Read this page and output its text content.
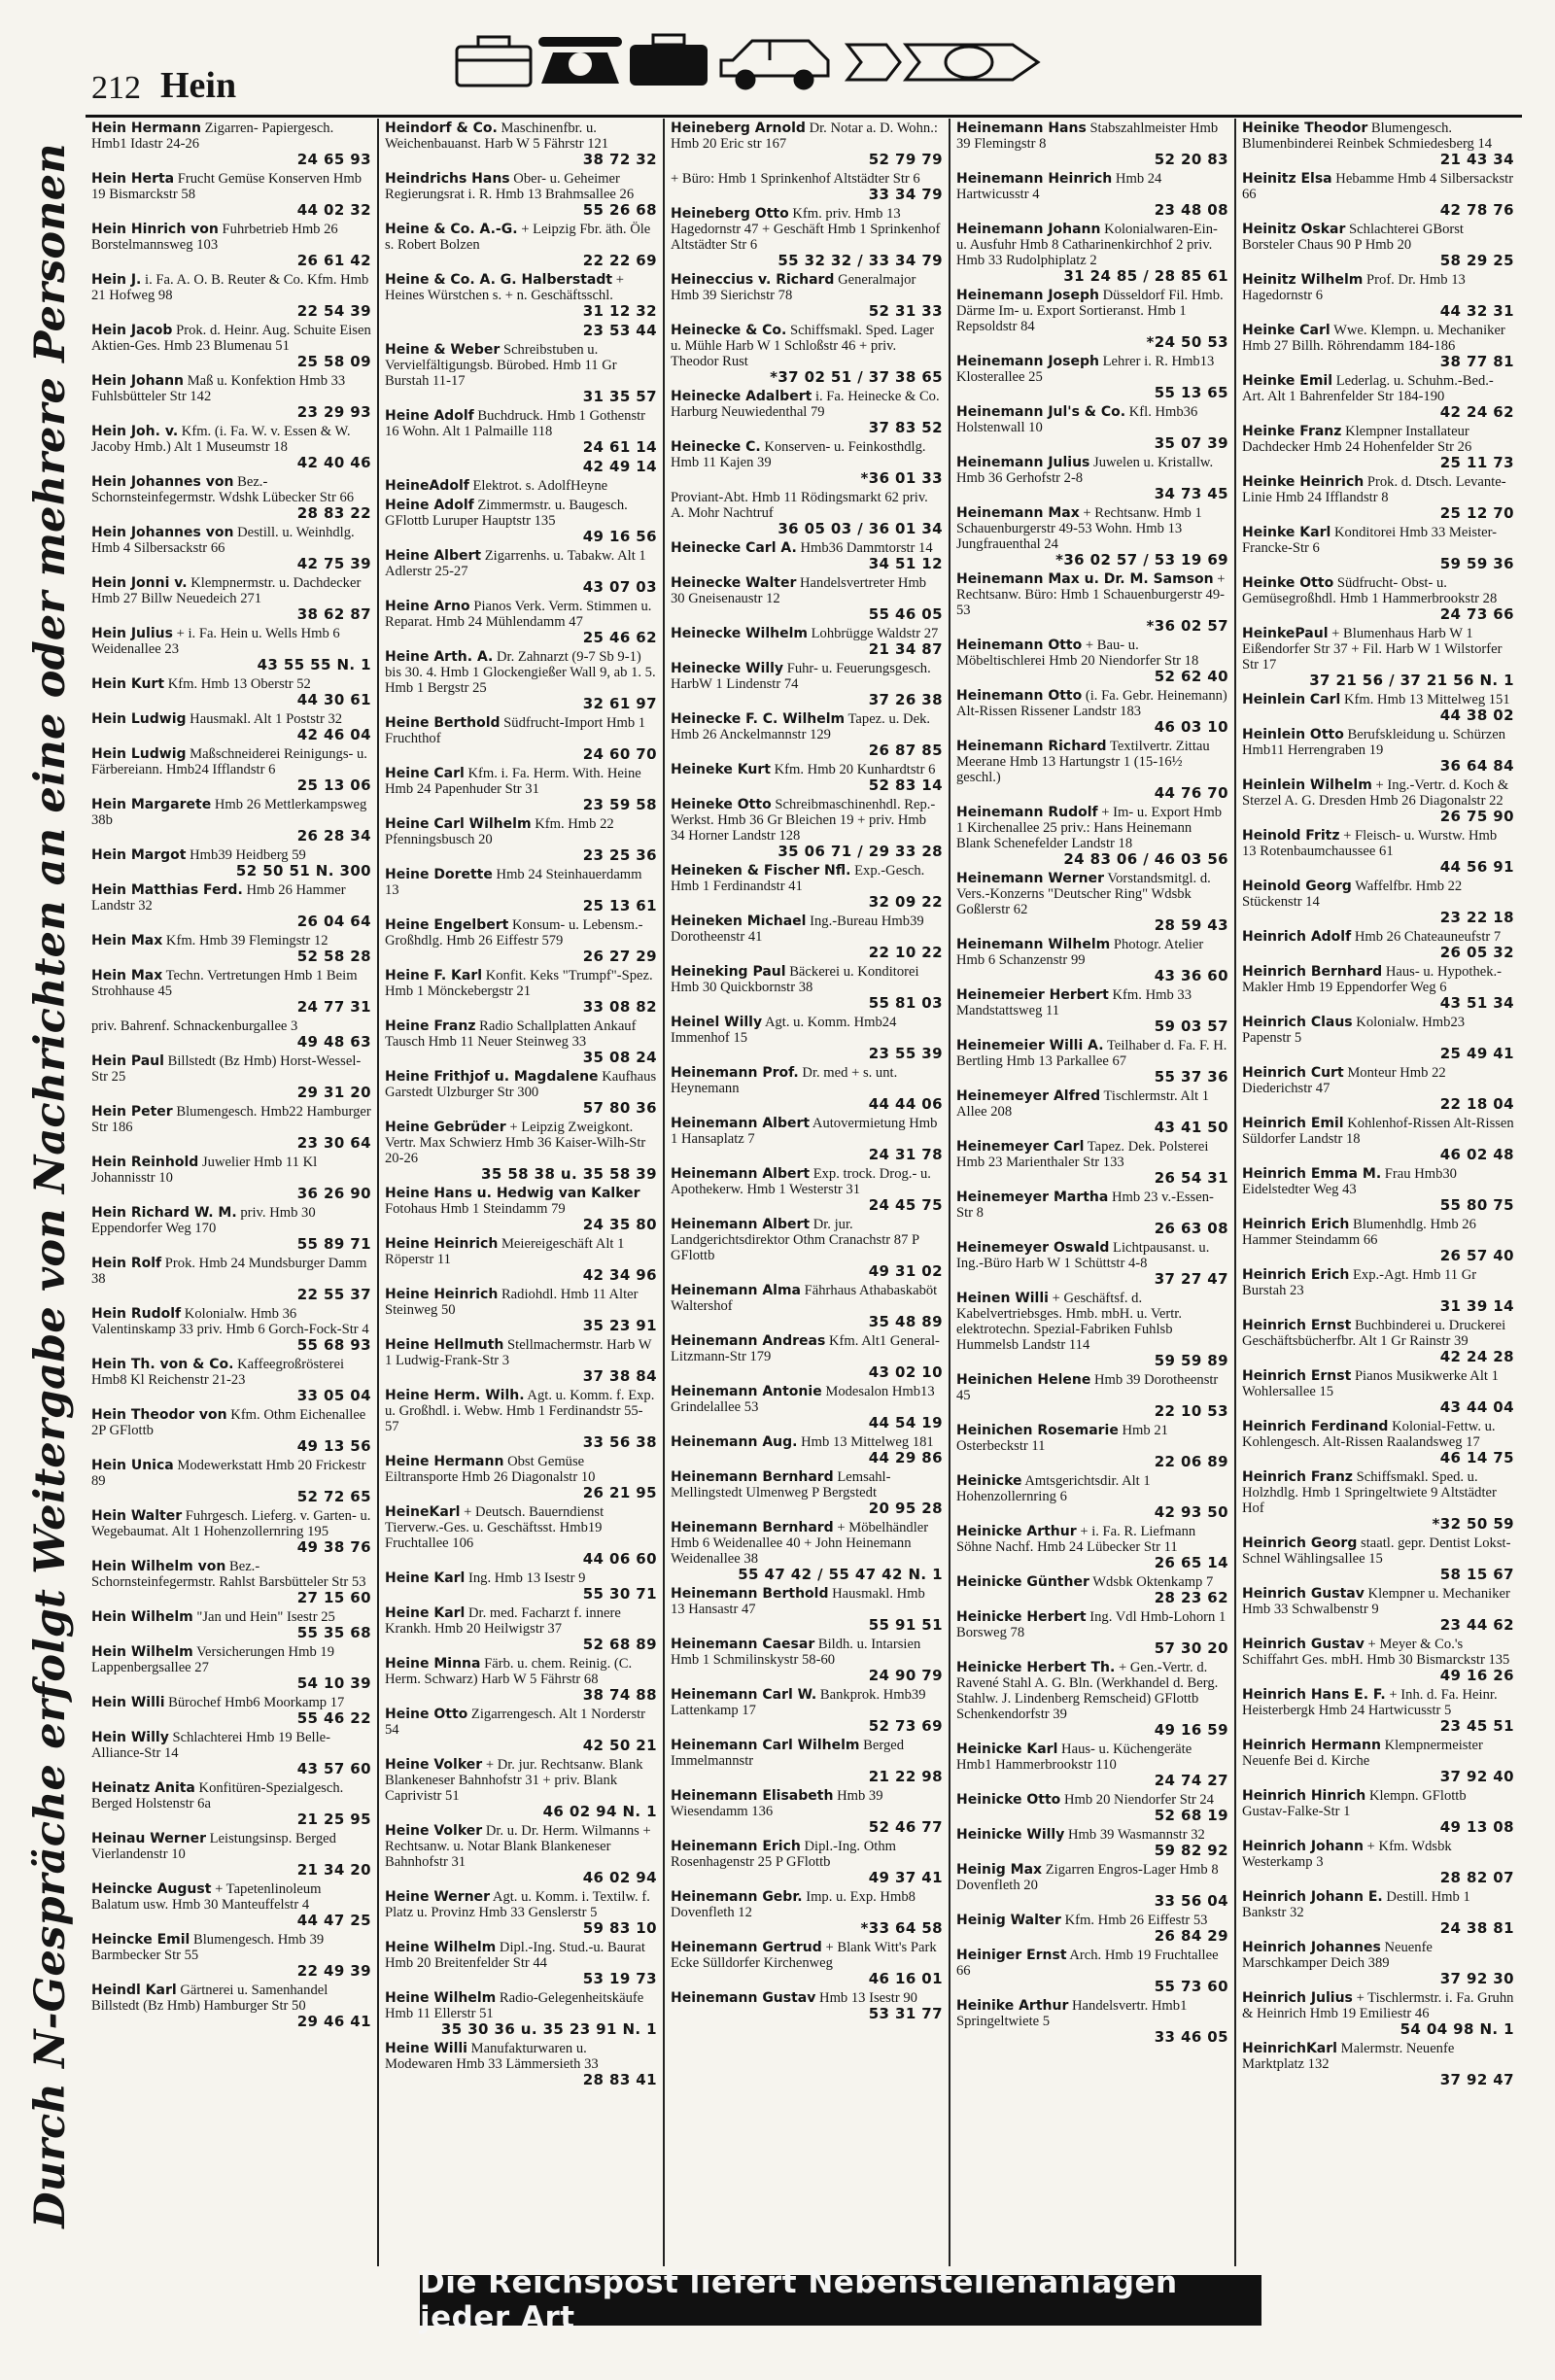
212 Hein
Durch N-Gespräche erfolgt Weitergabe von Nachrichten an eine oder mehrere Personen
Hein Hermann Zigarren- Papiergesch. Hmb1 Idastr 24-26
24 65 93
Hein Herta Frucht Gemüse Konserven Hmb 19 Bismarckstr 58
44 02 32
Hein Hinrich von Fuhrbetrieb Hmb 26 Borstelmannsweg 103
26 61 42
Hein J. i. Fa. A. O. B. Reuter & Co. Kfm. Hmb 21 Hofweg 98
22 54 39
Hein Jacob Prok. d. Heinr. Aug. Schuite Eisen Aktien-Ges. Hmb 23 Blumenau 51
25 58 09
Hein Johann Maß u. Konfektion Hmb 33 Fuhlsbütteler Str 142
23 29 93
Hein Joh. v. Kfm. (i. Fa. W. v. Essen & W. Jacoby Hmb.) Alt 1 Museumstr 18
42 40 46
Hein Johannes von Bez.-Schornsteinfegermstr. Wdshk Lübecker Str 66
28 83 22
Hein Johannes von Destill. u. Weinhdlg. Hmb 4 Silbersackstr 66
42 75 39
Hein Jonni v. Klempnermstr. u. Dachdecker Hmb 27 Billw Neuedeich 271
38 62 87
Hein Julius + i. Fa. Hein u. Wells Hmb 6 Weidenallee 23
43 55 55 N. 1
Hein Kurt Kfm. Hmb 13 Oberstr 52
44 30 61
Hein Ludwig Hausmakl. Alt 1 Poststr 32
42 46 04
Hein Ludwig Maßschneiderei Reinigungs- u. Färbereiann. Hmb24 Ifflandstr 6
25 13 06
Hein Margarete Hmb 26 Mettlerkampsweg 38b
26 28 34
Hein Margot Hmb39 Heidberg 59
52 50 51 N. 300
Hein Matthias Ferd. Hmb 26 Hammer Landstr 32
26 04 64
Hein Max Kfm. Hmb 39 Flemingstr 12
52 58 28
Hein Max Techn. Vertretungen Hmb 1 Beim Strohhause 45
24 77 31
priv. Bahrenf. Schnackenburgallee 3
49 48 63
Hein Paul Billstedt (Bz Hmb) Horst-Wessel-Str 25
29 31 20
Hein Peter Blumengesch. Hmb22 Hamburger Str 186
23 30 64
Hein Reinhold Juwelier Hmb 11 Kl Johannisstr 10
36 26 90
Hein Richard W. M. priv. Hmb 30 Eppendorfer Weg 170
55 89 71
Hein Rolf Prok. Hmb 24 Mundsburger Damm 38
22 55 37
Hein Rudolf Kolonialw. Hmb 36 Valentinskamp 33 priv. Hmb 6 Gorch-Fock-Str 4
55 68 93
Hein Th. von & Co. Kaffeegroßrösterei Hmb8 Kl Reichenstr 21-23
33 05 04
Hein Theodor von Kfm. Othm Eichenallee 2P GFlottb
49 13 56
Hein Unica Modewerkstatt Hmb 20 Frickestr 89
52 72 65
Hein Walter Fuhrgesch. Lieferg. v. Garten- u. Wegebaumat. Alt 1 Hohenzollernring 195
49 38 76
Hein Wilhelm von Bez.-Schornsteinfegermstr. Rahlst Barsbütteler Str 53
27 15 60
Hein Wilhelm "Jan und Hein" Isestr 25
55 35 68
Hein Wilhelm Versicherungen Hmb 19 Lappenbergsallee 27
54 10 39
Hein Willi Bürochef Hmb6 Moorkamp 17
55 46 22
Hein Willy Schlachterei Hmb 19 Belle-Alliance-Str 14
43 57 60
Heinatz Anita Konfitüren-Spezialgesch. Berged Holstenstr 6a
21 25 95
Heinau Werner Leistungsinsp. Berged Vierlandenstr 10
21 34 20
Heincke August + Tapetenlinoleum Balatum usw. Hmb 30 Manteuffelstr 4
44 47 25
Heincke Emil Blumengesch. Hmb 39 Barmbecker Str 55
22 49 39
Heindl Karl Gärtnerei u. Samenhandel Billstedt (Bz Hmb) Hamburger Str 50
29 46 41
Heindorf & Co. Maschinenfbr. u. Weichenbauanst. Harb W 5 Fährstr 121
38 72 32
Heindrichs Hans Ober- u. Geheimer Regierungsrat i. R. Hmb 13 Brahmsallee 26
55 26 68
Heine & Co. A.-G. + Leipzig Fbr. äth. Öle s. Robert Bolzen
22 22 69
Heine & Co. A. G. Halberstadt + Heines Würstchen s. + n. Geschäftsschl.
31 12 32
23 53 44
Heine & Weber Schreibstuben u. Vervielfältigungsb. Bürobed. Hmb 11 Gr Burstah 11-17
31 35 57
Heine Adolf Buchdruck. Hmb 1 Gothenstr 16 Wohn. Alt 1 Palmaille 118
24 61 14
42 49 14
HeineAdolf Elektrot. s. AdolfHeyne
Heine Adolf Zimmermstr. u. Baugesch. GFlottb Luruper Hauptstr 135
49 16 56
Heine Albert Zigarrenhs. u. Tabakw. Alt 1 Adlerstr 25-27
43 07 03
Heine Arno Pianos Verk. Verm. Stimmen u. Reparat. Hmb 24 Mühlendamm 47
25 46 62
Heine Arth. A. Dr. Zahnarzt (9-7 Sb 9-1) bis 30. 4. Hmb 1 Glockengießer Wall 9, ab 1. 5. Hmb 1 Bergstr 25
32 61 97
Heine Berthold Südfrucht-Import Hmb 1 Fruchthof
24 60 70
Heine Carl Kfm. i. Fa. Herm. With. Heine Hmb 24 Papenhuder Str 31
23 59 58
Heine Carl Wilhelm Kfm. Hmb 22 Pfenningsbusch 20
23 25 36
Heine Dorette Hmb 24 Steinhauerdamm 13
25 13 61
Heine Engelbert Konsum- u. Lebensm.-Großhdlg. Hmb 26 Eiffestr 579
26 27 29
Heine F. Karl Konfit. Keks "Trumpf"-Spez. Hmb 1 Mönckebergstr 21
33 08 82
Heine Franz Radio Schallplatten Ankauf Tausch Hmb 11 Neuer Steinweg 33
35 08 24
Heine Frithjof u. Magdalene Kaufhaus Garstedt Ulzburger Str 300
57 80 36
Heine Gebrüder + Leipzig Zweigkont. Vertr. Max Schwierz Hmb 36 Kaiser-Wilh-Str 20-26
35 58 38 u. 35 58 39
Heine Hans u. Hedwig van Kalker Fotohaus Hmb 1 Steindamm 79
24 35 80
Heine Heinrich Meiereigeschäft Alt 1 Röperstr 11
42 34 96
Heine Heinrich Radiohdl. Hmb 11 Alter Steinweg 50
35 23 91
Heine Hellmuth Stellmachermstr. Harb W 1 Ludwig-Frank-Str 3
37 38 84
Heine Herm. Wilh. Agt. u. Komm. f. Exp. u. Großhdl. i. Webw. Hmb 1 Ferdinandstr 55-57
33 56 38
Heine Hermann Obst Gemüse Eiltransporte Hmb 26 Diagonalstr 10
26 21 95
HeineKarl + Deutsch. Bauerndienst Tierverw.-Ges. u. Geschäftsst. Hmb19 Fruchtallee 106
44 06 60
Heine Karl Ing. Hmb 13 Isestr 9
55 30 71
Heine Karl Dr. med. Facharzt f. innere Krankh. Hmb 20 Heilwigstr 37
52 68 89
Heine Minna Färb. u. chem. Reinig. (C. Herm. Schwarz) Harb W 5 Fährstr 68
38 74 88
Heine Otto Zigarrengesch. Alt 1 Norderstr 54
42 50 21
Heine Volker + Dr. jur. Rechtsanw. Blank Blankeneser Bahnhofstr 31 + priv. Blank Caprivistr 51
46 02 94 N. 1
Heine Volker Dr. u. Dr. Herm. Wilmanns + Rechtsanw. u. Notar Blank Blankeneser Bahnhofstr 31
46 02 94
Heine Werner Agt. u. Komm. i. Textilw. f. Platz u. Provinz Hmb 33 Genslerstr 5
59 83 10
Heine Wilhelm Dipl.-Ing. Stud.-u. Baurat Hmb 20 Breitenfelder Str 44
53 19 73
Heine Wilhelm Radio-Gelegenheitskäufe Hmb 11 Ellerstr 51
35 30 36 u. 35 23 91 N. 1
Heine Willi Manufakturwaren u. Modewaren Hmb 33 Lämmersieth 33
28 83 41
Heineberg Arnold Dr. Notar a. D. Wohn.: Hmb 20 Eric str 167
52 79 79
+ Büro: Hmb 1 Sprinkenhof Altstädter Str 6
33 34 79
Heineberg Otto Kfm. priv. Hmb 13 Hagedornstr 47 + Geschäft Hmb 1 Sprinkenhof Altstädter Str 6
55 32 32 / 33 34 79
Heineccius v. Richard Generalmajor Hmb 39 Sierichstr 78
52 31 33
Heinecke & Co. Schiffsmakl. Sped. Lager u. Mühle Harb W 1 Schloßstr 46 + priv. Theodor Rust
*37 02 51 / 37 38 65
Heinecke Adalbert i. Fa. Heinecke & Co. Harburg Neuwiedenthal 79
37 83 52
Heinecke C. Konserven- u. Feinkosthdlg. Hmb 11 Kajen 39
*36 01 33
Proviant-Abt. Hmb 11 Rödingsmarkt 62 priv. A. Mohr Nachtruf
36 05 03 / 36 01 34
Heinecke Carl A. Hmb36 Dammtorstr 14
34 51 12
Heinecke Walter Handelsvertreter Hmb 30 Gneisenaustr 12
55 46 05
Heinecke Wilhelm Lohbrügge Waldstr 27
21 34 87
Heinecke Willy Fuhr- u. Feuerungsgesch. HarbW 1 Lindenstr 74
37 26 38
Heinecke F. C. Wilhelm Tapez. u. Dek. Hmb 26 Anckelmannstr 129
26 87 85
Heineke Kurt Kfm. Hmb 20 Kunhardtstr 6
52 83 14
Heineke Otto Schreibmaschinenhdl. Rep.-Werkst. Hmb 36 Gr Bleichen 19 + priv. Hmb 34 Horner Landstr 128
35 06 71 / 29 33 28
Heineken & Fischer Nfl. Exp.-Gesch. Hmb 1 Ferdinandstr 41
32 09 22
Heineken Michael Ing.-Bureau Hmb39 Dorotheenstr 41
22 10 22
Heineking Paul Bäckerei u. Konditorei Hmb 30 Quickbornstr 38
55 81 03
Heinel Willy Agt. u. Komm. Hmb24 Immenhof 15
23 55 39
Heinemann Prof. Dr. med + s. unt. Heynemann
44 44 06
Heinemann Albert Autovermietung Hmb 1 Hansaplatz 7
24 31 78
Heinemann Albert Exp. trock. Drog.- u. Apothekerw. Hmb 1 Westerstr 31
24 45 75
Heinemann Albert Dr. jur. Landgerichtsdirektor Othm Cranachstr 87 P GFlottb
49 31 02
Heinemann Alma Fährhaus Athabaskaböt Waltershof
35 48 89
Heinemann Andreas Kfm. Alt1 General-Litzmann-Str 179
43 02 10
Heinemann Antonie Modesalon Hmb13 Grindelallee 53
44 54 19
Heinemann Aug. Hmb 13 Mittelweg 181
44 29 86
Heinemann Bernhard Lemsahl-Mellingstedt Ulmenweg P Bergstedt
20 95 28
Heinemann Bernhard + Möbelhändler Hmb 6 Weidenallee 40 + John Heinemann Weidenallee 38
55 47 42 / 55 47 42 N. 1
Heinemann Berthold Hausmakl. Hmb 13 Hansastr 47
55 91 51
Heinemann Caesar Bildh. u. Intarsien Hmb 1 Schmilinskystr 58-60
24 90 79
Heinemann Carl W. Bankprok. Hmb39 Lattenkamp 17
52 73 69
Heinemann Carl Wilhelm Berged Immelmannstr
21 22 98
Heinemann Elisabeth Hmb 39 Wiesendamm 136
52 46 77
Heinemann Erich Dipl.-Ing. Othm Rosenhagenstr 25 P GFlottb
49 37 41
Heinemann Gebr. Imp. u. Exp. Hmb8 Dovenfleth 12
*33 64 58
Heinemann Gertrud + Blank Witt's Park Ecke Sülldorfer Kirchenweg
46 16 01
Heinemann Gustav Hmb 13 Isestr 90
53 31 77
Heinemann Hans Stabszahlmeister Hmb 39 Flemingstr 8
52 20 83
Heinemann Heinrich Hmb 24 Hartwicusstr 4
23 48 08
Heinemann Johann Kolonialwaren-Ein- u. Ausfuhr Hmb 8 Catharinenkirchhof 2 priv. Hmb 33 Rudolphiplatz 2
31 24 85 / 28 85 61
Heinemann Joseph Düsseldorf Fil. Hmb. Därme Im- u. Export Sortieranst. Hmb 1 Repsoldstr 84
*24 50 53
Heinemann Joseph Lehrer i. R. Hmb13 Klosterallee 25
55 13 65
Heinemann Jul's & Co. Kfl. Hmb36 Holstenwall 10
35 07 39
Heinemann Julius Juwelen u. Kristallw. Hmb 36 Gerhofstr 2-8
34 73 45
Heinemann Max + Rechtsanw. Hmb 1 Schauenburgerstr 49-53 Wohn. Hmb 13 Jungfrauenthal 24
*36 02 57 / 53 19 69
Heinemann Max u. Dr. M. Samson + Rechtsanw. Büro: Hmb 1 Schauenburgerstr 49-53
*36 02 57
Heinemann Otto + Bau- u. Möbeltischlerei Hmb 20 Niendorfer Str 18
52 62 40
Heinemann Otto (i. Fa. Gebr. Heinemann) Alt-Rissen Rissener Landstr 183
46 03 10
Heinemann Richard Textilvertr. Zittau Meerane Hmb 13 Hartungstr 1 (15-16½ geschl.)
44 76 70
Heinemann Rudolf + Im- u. Export Hmb 1 Kirchenallee 25 priv.: Hans Heinemann Blank Schenefelder Landstr 18
24 83 06 / 46 03 56
Heinemann Werner Vorstandsmitgl. d. Vers.-Konzerns "Deutscher Ring" Wdsbk Goßlerstr 62
28 59 43
Heinemann Wilhelm Photogr. Atelier Hmb 6 Schanzenstr 99
43 36 60
Heinemeier Herbert Kfm. Hmb 33 Mandstattsweg 11
59 03 57
Heinemeier Willi A. Teilhaber d. Fa. F. H. Bertling Hmb 13 Parkallee 67
55 37 36
Heinemeyer Alfred Tischlermstr. Alt 1 Allee 208
43 41 50
Heinemeyer Carl Tapez. Dek. Polsterei Hmb 23 Marienthaler Str 133
26 54 31
Heinemeyer Martha Hmb 23 v.-Essen-Str 8
26 63 08
Heinemeyer Oswald Lichtpausanst. u. Ing.-Büro Harb W 1 Schüttstr 4-8
37 27 47
Heinen Willi + Geschäftsf. d. Kabelvertriebsges. Hmb. mbH. u. Vertr. elektrotechn. Spezial-Fabriken Fuhlsb Hummelsb Landstr 114
59 59 89
Heinichen Helene Hmb 39 Dorotheenstr 45
22 10 53
Heinichen Rosemarie Hmb 21 Osterbeckstr 11
22 06 89
Heinicke Amtsgerichtsdir. Alt 1 Hohenzollernring 6
42 93 50
Heinicke Arthur + i. Fa. R. Liefmann Söhne Nachf. Hmb 24 Lübecker Str 11
26 65 14
Heinicke Günther Wdsbk Oktenkamp 7
28 23 62
Heinicke Herbert Ing. Vdl Hmb-Lohorn 1 Borsweg 78
57 30 20
Heinicke Herbert Th. + Gen.-Vertr. d. Ravené Stahl A. G. Bln. (Werkhandel d. Berg. Stahlw. J. Lindenberg Remscheid) GFlottb Schenkendorfstr 39
49 16 59
Heinicke Karl Haus- u. Küchengeräte Hmb1 Hammerbrookstr 110
24 74 27
Heinicke Otto Hmb 20 Niendorfer Str 24
52 68 19
Heinicke Willy Hmb 39 Wasmannstr 32
59 82 92
Heinig Max Zigarren Engros-Lager Hmb 8 Dovenfleth 20
33 56 04
Heinig Walter Kfm. Hmb 26 Eiffestr 53
26 84 29
Heiniger Ernst Arch. Hmb 19 Fruchtallee 66
55 73 60
Heinike Arthur Handelsvertr. Hmb1 Springeltwiete 5
33 46 05
Heinike Theodor Blumengesch. Blumenbinderei Reinbek Schmiedesberg 14
21 43 34
Heinitz Elsa Hebamme Hmb 4 Silbersackstr 66
42 78 76
Heinitz Oskar Schlachterei GBorst Borsteler Chaus 90 P Hmb 20
58 29 25
Heinitz Wilhelm Prof. Dr. Hmb 13 Hagedornstr 6
44 32 31
Heinke Carl Wwe. Klempn. u. Mechaniker Hmb 27 Billh. Röhrendamm 184-186
38 77 81
Heinke Emil Lederlag. u. Schuhm.-Bed.-Art. Alt 1 Bahrenfelder Str 184-190
42 24 62
Heinke Franz Klempner Installateur Dachdecker Hmb 24 Hohenfelder Str 26
25 11 73
Heinke Heinrich Prok. d. Dtsch. Levante-Linie Hmb 24 Ifflandstr 8
25 12 70
Heinke Karl Konditorei Hmb 33 Meister-Francke-Str 6
59 59 36
Heinke Otto Südfrucht- Obst- u. Gemüsegroßhdl. Hmb 1 Hammerbrookstr 28
24 73 66
HeinkePaul + Blumenhaus Harb W 1 Eißendorfer Str 37 + Fil. Harb W 1 Wilstorfer Str 17
37 21 56 / 37 21 56 N. 1
Heinlein Carl Kfm. Hmb 13 Mittelweg 151
44 38 02
Heinlein Otto Berufskleidung u. Schürzen Hmb11 Herrengraben 19
36 64 84
Heinlein Wilhelm + Ing.-Vertr. d. Koch & Sterzel A. G. Dresden Hmb 26 Diagonalstr 22
26 75 90
Heinold Fritz + Fleisch- u. Wurstw. Hmb 13 Rotenbaumchaussee 61
44 56 91
Heinold Georg Waffelfbr. Hmb 22 Stückenstr 14
23 22 18
Heinrich Adolf Hmb 26 Chateauneufstr 7
26 05 32
Heinrich Bernhard Haus- u. Hypothek.-Makler Hmb 19 Eppendorfer Weg 6
43 51 34
Heinrich Claus Kolonialw. Hmb23 Papenstr 5
25 49 41
Heinrich Curt Monteur Hmb 22 Diederichstr 47
22 18 04
Heinrich Emil Kohlenhof-Rissen Alt-Rissen Süldorfer Landstr 18
46 02 48
Heinrich Emma M. Frau Hmb30 Eidelstedter Weg 43
55 80 75
Heinrich Erich Blumenhdlg. Hmb 26 Hammer Steindamm 66
26 57 40
Heinrich Erich Exp.-Agt. Hmb 11 Gr Burstah 23
31 39 14
Heinrich Ernst Buchbinderei u. Druckerei Geschäftsbücherfbr. Alt 1 Gr Rainstr 39
42 24 28
Heinrich Ernst Pianos Musikwerke Alt 1 Wohlersallee 15
43 44 04
Heinrich Ferdinand Kolonial-Fettw. u. Kohlengesch. Alt-Rissen Raalandsweg 17
46 14 75
Heinrich Franz Schiffsmakl. Sped. u. Holzhdlg. Hmb 1 Springeltwiete 9 Altstädter Hof
*32 50 59
Heinrich Georg staatl. gepr. Dentist Lokst-Schnel Wählingsallee 15
58 15 67
Heinrich Gustav Klempner u. Mechaniker Hmb 33 Schwalbenstr 9
23 44 62
Heinrich Gustav + Meyer & Co.'s Schiffahrt Ges. mbH. Hmb 30 Bismarckstr 135
49 16 26
Heinrich Hans E. F. + Inh. d. Fa. Heinr. Heisterbergk Hmb 24 Hartwicusstr 5
23 45 51
Heinrich Hermann Klempnermeister Neuenfe Bei d. Kirche
37 92 40
Heinrich Hinrich Klempn. GFlottb Gustav-Falke-Str 1
49 13 08
Heinrich Johann + Kfm. Wdsbk Westerkamp 3
28 82 07
Heinrich Johann E. Destill. Hmb 1 Bankstr 32
24 38 81
Heinrich Johannes Neuenfe Marschkamper Deich 389
37 92 30
Heinrich Julius + Tischlermstr. i. Fa. Gruhn & Heinrich Hmb 19 Emiliestr 46
54 04 98 N. 1
HeinrichKarl Malermstr. Neuenfe Marktplatz 132
37 92 47
Die Reichspost liefert Nebenstellenanlagen jeder Art
